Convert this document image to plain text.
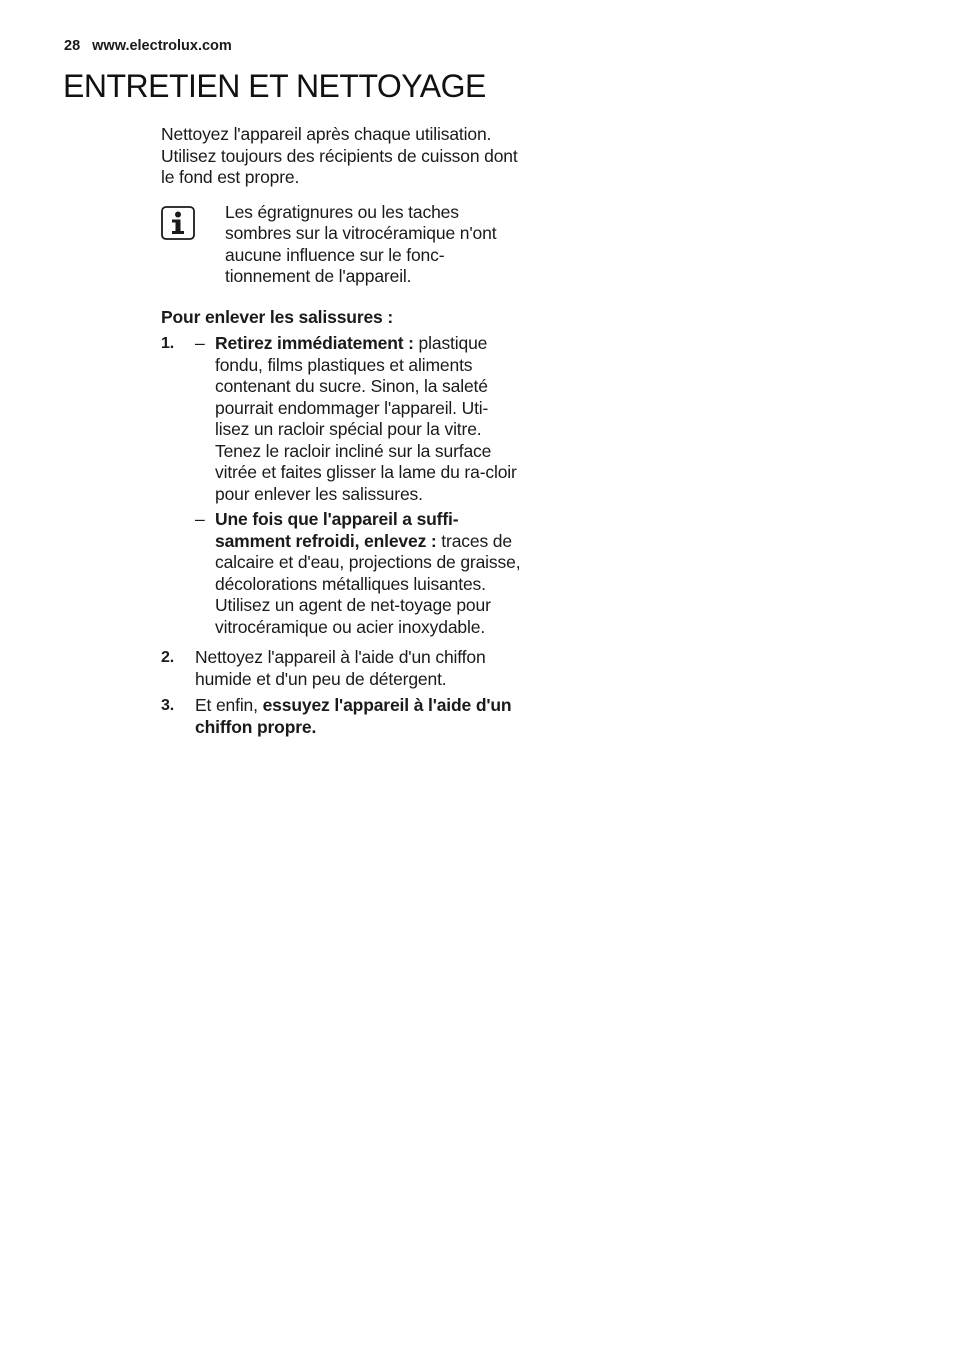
28 www.electrolux.com
ENTRETIEN ET NETTOYAGE

Nettoyez l'appareil après chaque utilisation. Utilisez toujours des récipients de cuisson dont le fond est propre.

Les égratignures ou les taches sombres sur la vitrocéramique n'ont aucune influence sur le fonc-tionnement de l'appareil.

Pour enlever les salissures :

1.	– Retirez immédiatement : plastique fondu, films plastiques et aliments contenant du sucre. Sinon, la saleté pourrait endommager l'appareil. Uti-lisez un racloir spécial pour la vitre. Tenez le racloir incliné sur la surface vitrée et faites glisser la lame du ra-cloir pour enlever les salissures.
– Une fois que l'appareil a suffi-samment refroidi, enlevez : traces de calcaire et d'eau, projections de graisse, décolorations métalliques luisantes. Utilisez un agent de net-toyage pour vitrocéramique ou acier inoxydable.
2.	Nettoyez l'appareil à l'aide d'un chiffon humide et d'un peu de détergent.
3.	Et enfin, essuyez l'appareil à l'aide d'un chiffon propre.
